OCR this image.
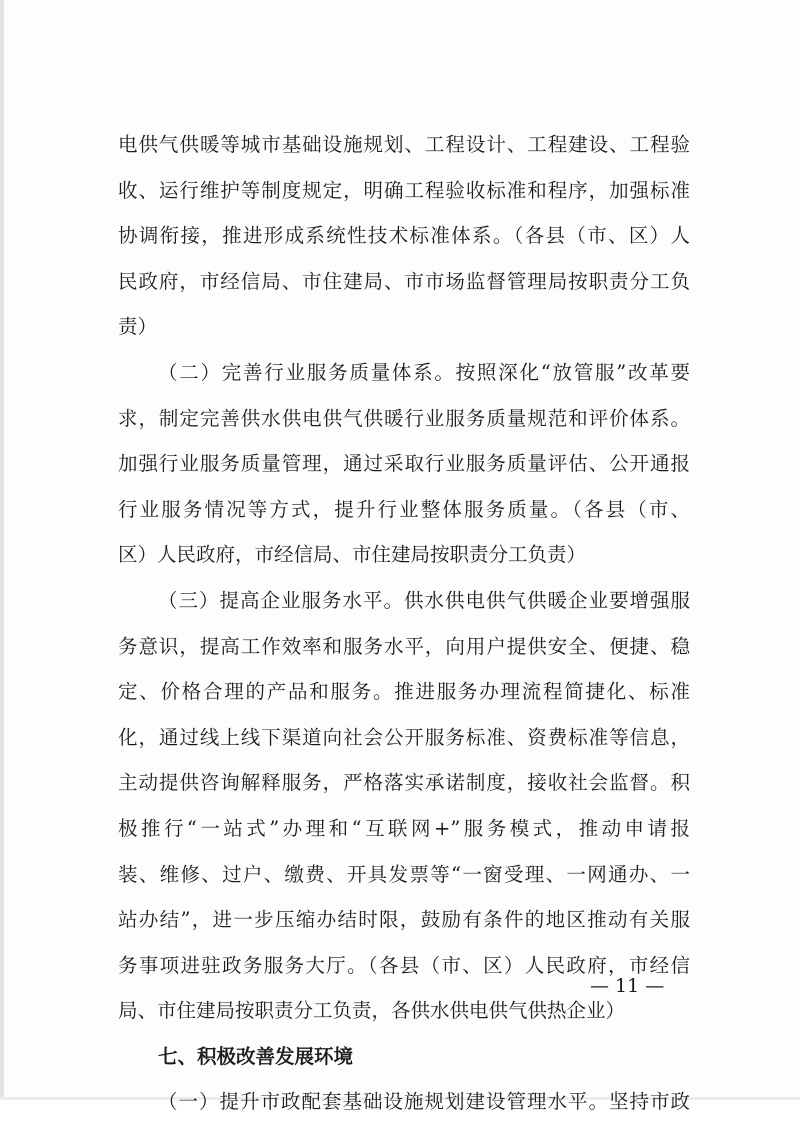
电供气供暖等城市基础设施规划、工程设计、工程建设、工程验
收、运行维护等制度规定，明确工程验收标准和程序，加强标准
协调衔接，推进形成系统性技术标准体系。（各县（市、区）人
民政府，市经信局、市住建局、市市场监督管理局按职责分工负
责）
（二）完善行业服务质量体系。按照深化“放管服”改革要
求，制定完善供水供电供气供暖行业服务质量规范和评价体系。
加强行业服务质量管理，通过采取行业服务质量评估、公开通报
行业服务情况等方式，提升行业整体服务质量。（各县（市、
区）人民政府，市经信局、市住建局按职责分工负责）
（三）提高企业服务水平。供水供电供气供暖企业要增强服
务意识，提高工作效率和服务水平，向用户提供安全、便捷、稳
定、价格合理的产品和服务。推进服务办理流程简捷化、标准
化，通过线上线下渠道向社会公开服务标准、资费标准等信息，
主动提供咨询解释服务，严格落实承诺制度，接收社会监督。积
极推行“一站式”办理和“互联网+”服务模式，推动申请报
装、维修、过户、缴费、开具发票等“一窗受理、一网通办、一
站办结”，进一步压缩办结时限，鼓励有条件的地区推动有关服
务事项进驻政务服务大厅。（各县（市、区）人民政府，市经信
局、市住建局按职责分工负责，各供水供电供气供热企业）
七、积极改善发展环境
（一）提升市政配套基础设施规划建设管理水平。坚持市政
— 11 —
